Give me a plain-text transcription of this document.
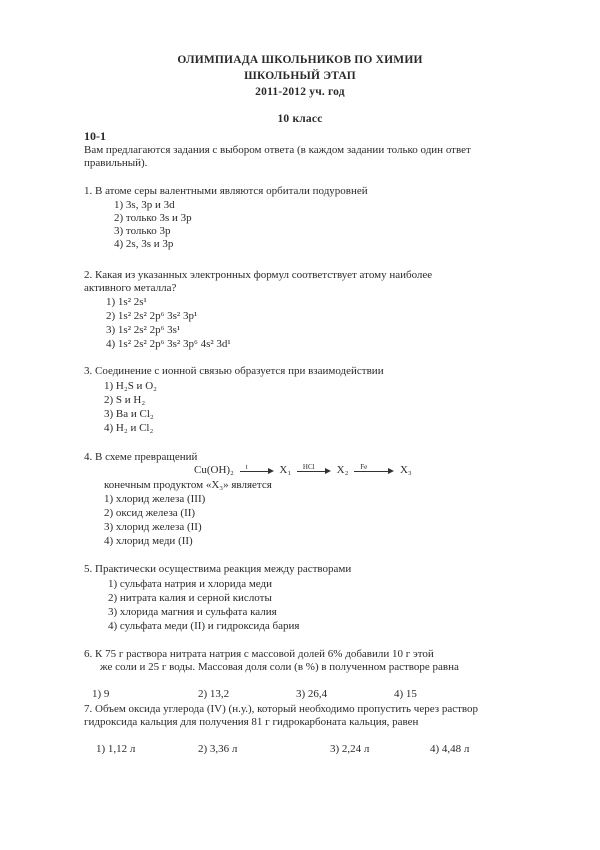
ОЛИМПИАДА ШКОЛЬНИКОВ ПО ХИМИИ
ШКОЛЬНЫЙ ЭТАП
2011-2012 уч. год
10 класс
10-1
Вам предлагаются задания с выбором ответа (в каждом задании только один ответ
правильный).
1. В атоме серы валентными являются орбитали подуровней
1) 3s, 3p и 3d
2) только 3s и 3p
3) только 3p
4) 2s, 3s и 3p
2. Какая из указанных электронных формул соответствует атому наиболее
активного металла?
1) 1s² 2s¹
2) 1s² 2s² 2p⁶ 3s² 3p¹
3) 1s² 2s² 2p⁶ 3s¹
4) 1s² 2s² 2p⁶ 3s² 3p⁶ 4s² 3d¹
3. Соединение с ионной связью образуется при взаимодействии
1) H₂S и O₂
2) S и H₂
3) Ba и Cl₂
4) H₂ и Cl₂
4. В схеме превращений
Cu(OH)₂ t	X₁ HCl X₂ Fe	X₃
конечным продуктом «X₃» является
1) хлорид железа (III)
2) оксид железа (II)
3) хлорид железа (II)
4) хлорид меди (II)
5. Практически осуществима реакция между растворами
1) сульфата натрия и хлорида меди
2) нитрата калия и серной кислоты
3) хлорида магния и сульфата калия
4) сульфата меди (II) и гидроксида бария
6. К 75 г раствора нитрата натрия с массовой долей 6% добавили 10 г этой
же соли и 25 г воды. Массовая доля соли (в %) в полученном растворе равна
1) 9	2) 13,2	3) 26,4	4) 15
7. Объем оксида углерода (IV) (н.у.), который необходимо пропустить через раствор
гидроксида кальция для получения 81 г гидрокарбоната кальция, равен
1) 1,12 л	2) 3,36 л	3) 2,24 л	4) 4,48 л
